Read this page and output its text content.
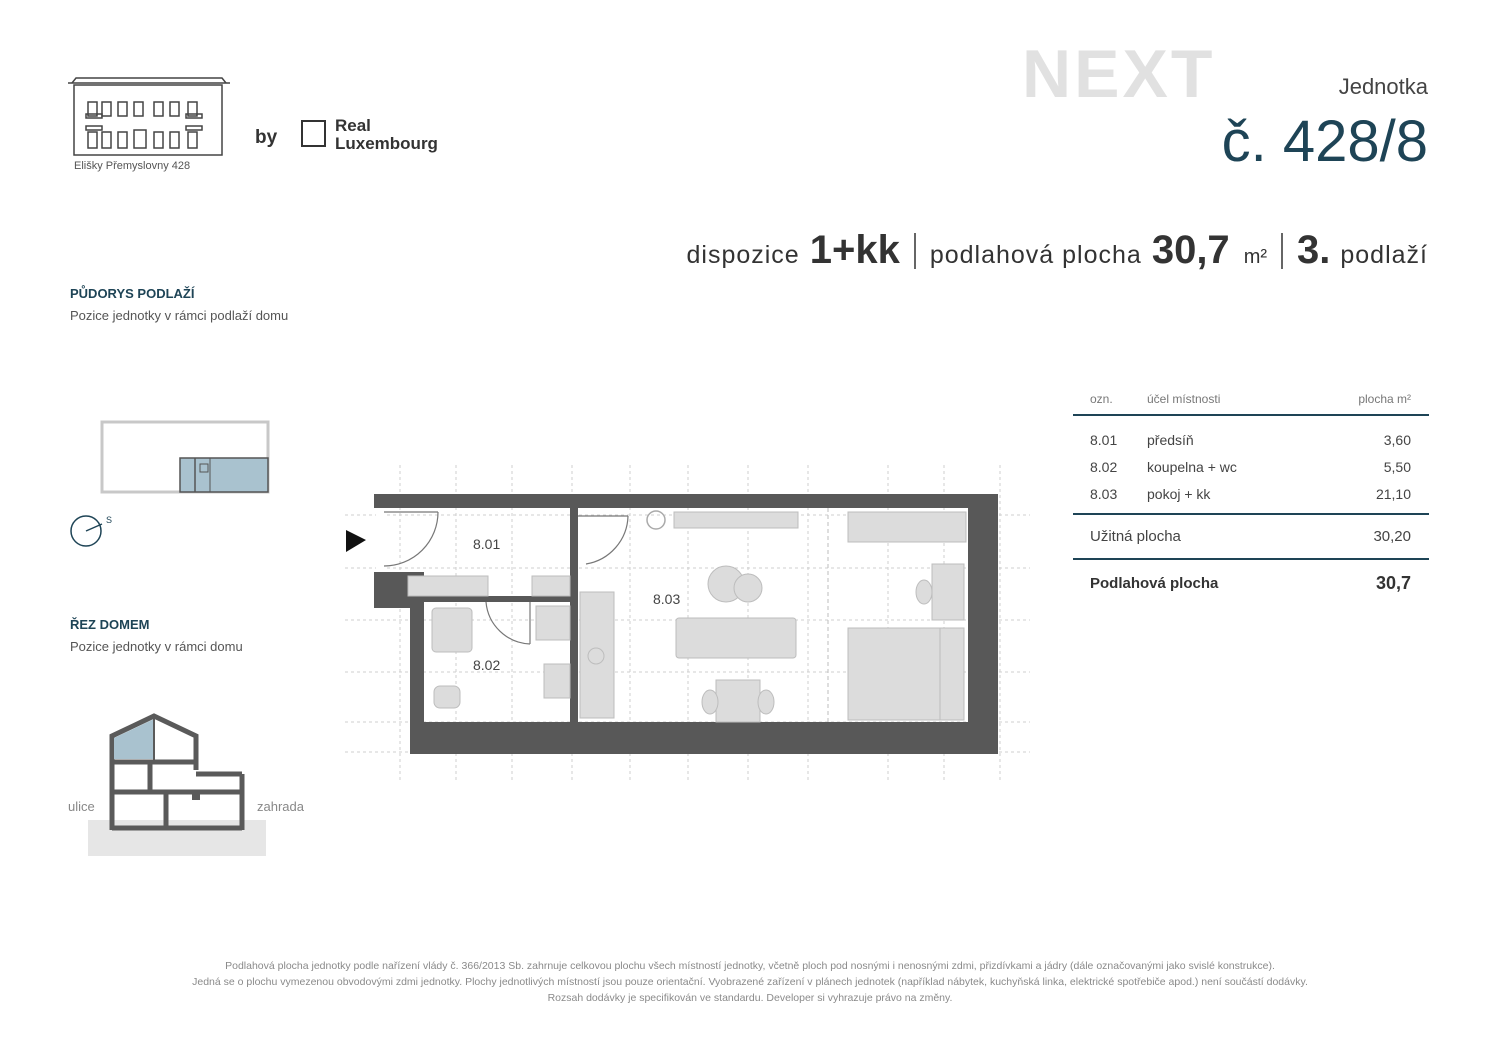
Elišky Přemyslovny 428
by
Real
Luxembourg
NEXT	Jednotka
č. 428/8
dispozice 1+kk podlahová plocha 30,7 m² 3. podlaží
PŮDORYS PODLAŽÍ
Pozice jednotky v rámci podlaží domu
S
ŘEZ DOMEM
Pozice jednotky v rámci domu
ulice	zahrada
8.01
8.02
8.03
ozn.	účel místnosti	plocha m²
8.01	předsíň	3,60
8.02	koupelna + wc	5,50
8.03	pokoj + kk	21,10
Užitná plocha	30,20
Podlahová plocha	30,7
Podlahová plocha jednotky podle nařízení vlády č. 366/2013 Sb. zahrnuje celkovou plochu všech místností jednotky, včetně ploch pod nosnými i nenosnými zdmi, přizdívkami a jádry (dále označovanými jako svislé konstrukce).
Jedná se o plochu vymezenou obvodovými zdmi jednotky. Plochy jednotlivých místností jsou pouze orientační. Vyobrazené zařízení v plánech jednotek (například nábytek, kuchyňská linka, elektrické spotřebiče apod.) není součástí dodávky.
Rozsah dodávky je specifikován ve standardu. Developer si vyhrazuje právo na změny.
